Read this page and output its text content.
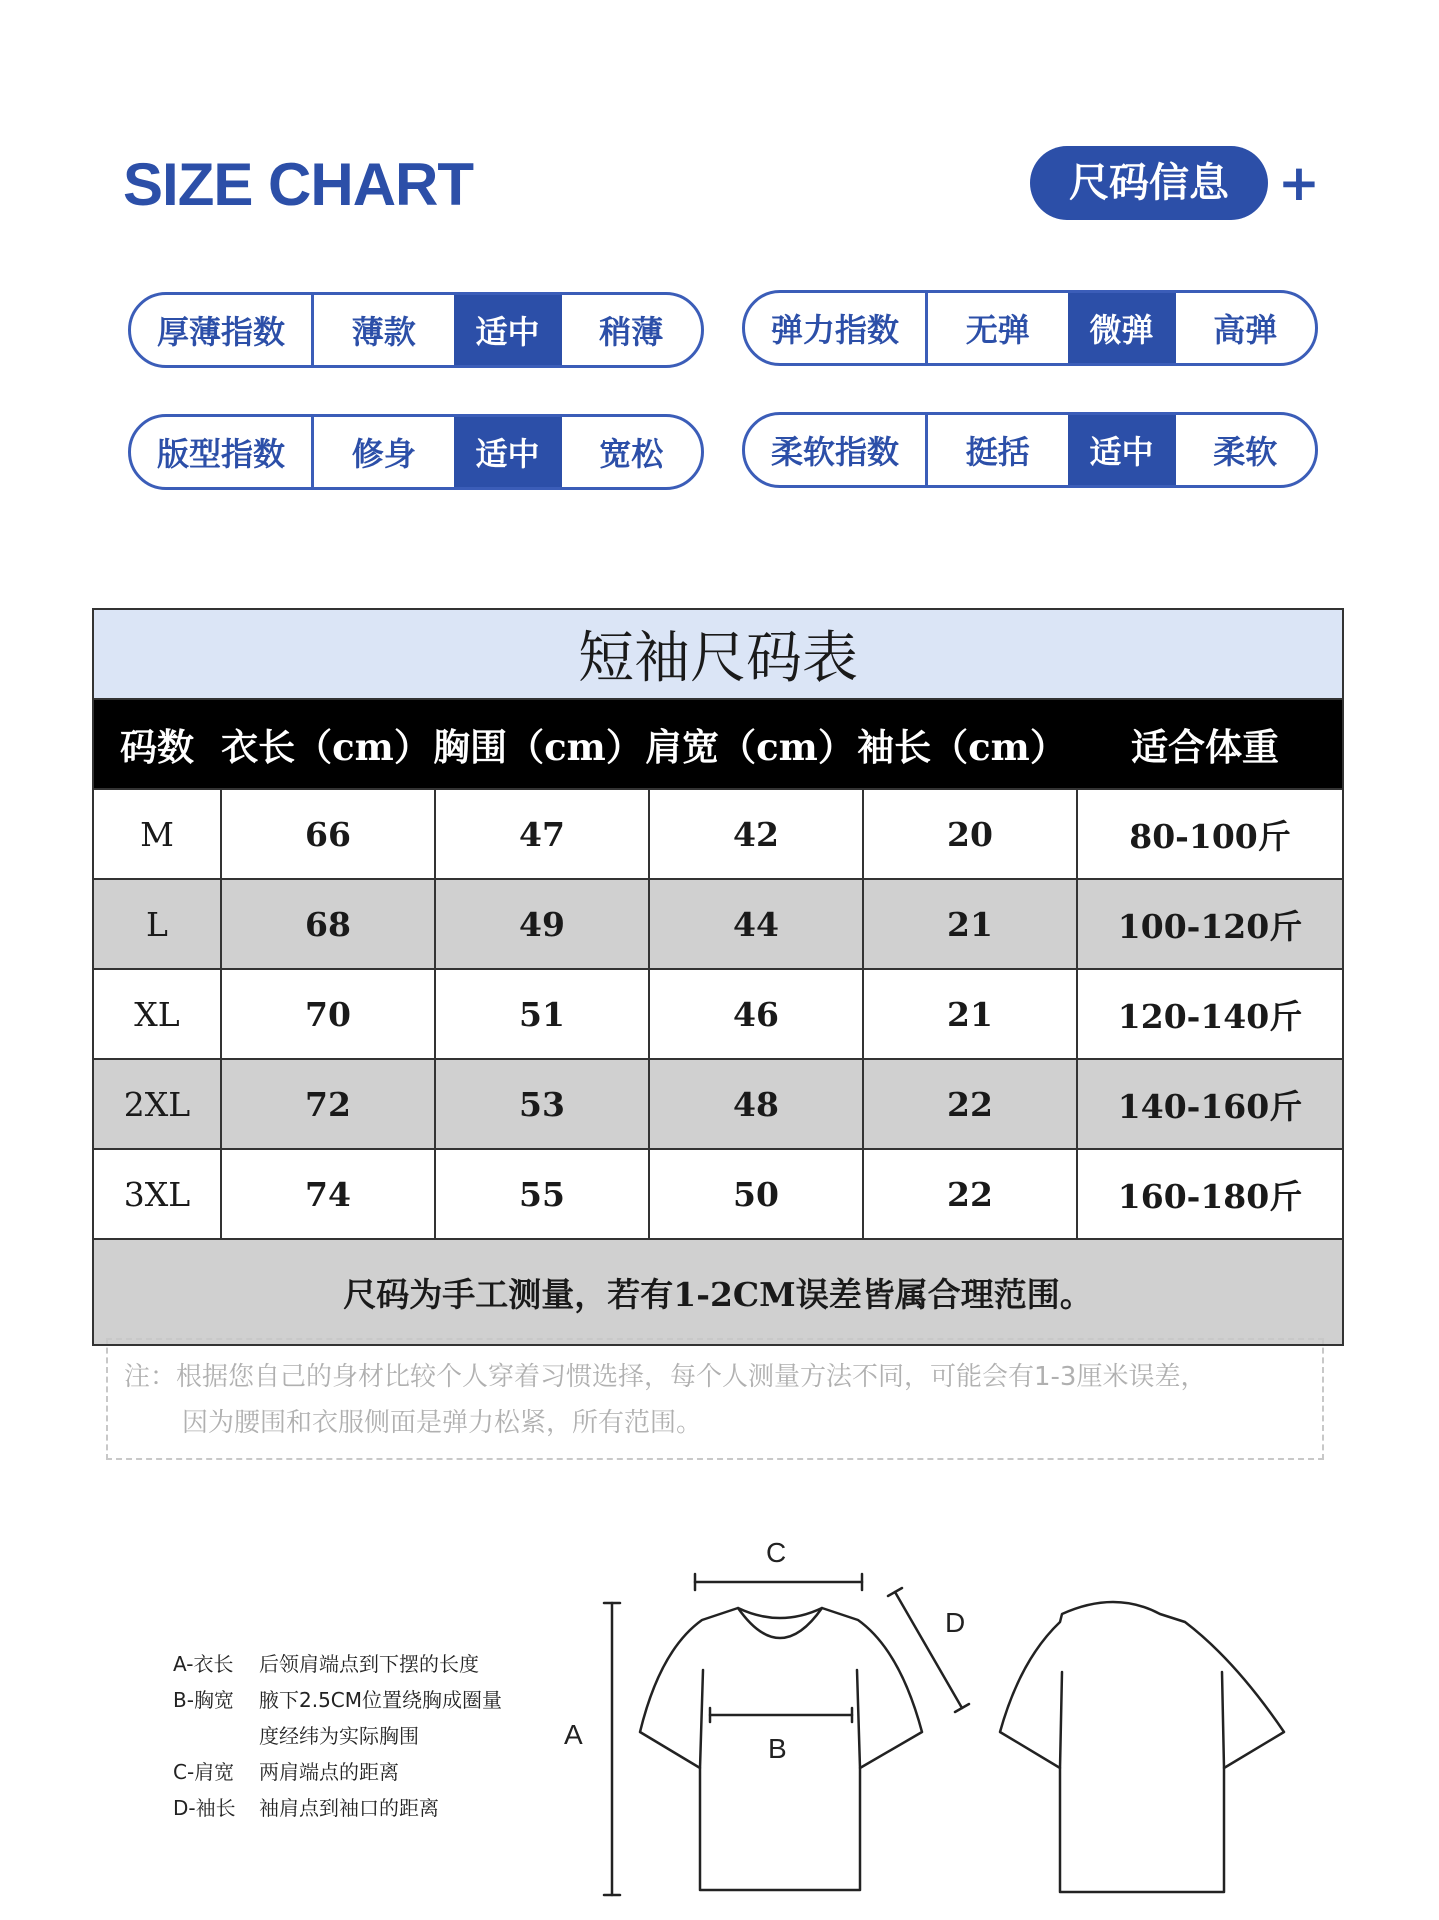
SIZE CHART	尺码信息 +
厚薄指数	薄款	适中	稍薄	弹力指数	无弹	微弹	高弹
版型指数	修身	适中	宽松	柔软指数	挺括	适中	柔软
短袖尺码表
码数 衣长（cm） 胸围（cm） 肩宽（cm） 袖长（cm）	适合体重
M	66	47	42	20	80-100斤
L	68	49	44	21	100-120斤
XL	70	51	46	21	120-140斤
2XL	72	53	48	22	140-160斤
3XL	74	55	50	22	160-180斤
尺码为手工测量，若有1-2CM误差皆属合理范围。
注：根据您自己的身材比较个人穿着习惯选择，每个人测量方法不同，可能会有1-3厘米误差，
因为腰围和衣服侧面是弹力松紧，所有范围。
A-衣长	后领肩端点到下摆的长度
B-胸宽	腋下2.5CM位置绕胸成圈量
度经纬为实际胸围
C-肩宽	两肩端点的距离
D-袖长	袖肩点到袖口的距离
A
C
D
B
